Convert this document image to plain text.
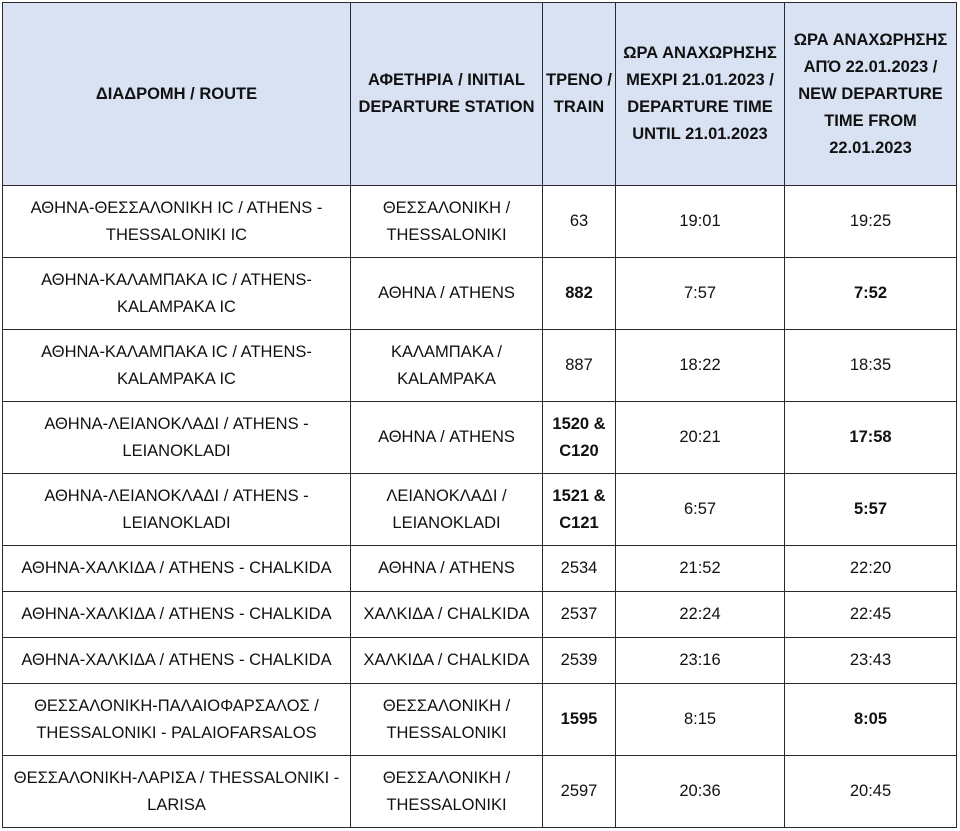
ΔΙΑΔΡΟΜΗ / ROUTE	ΑΦΕΤΗΡΙΑ / INITIAL DEPARTURE STATION	ΤΡΕΝΟ / TRAIN	ΩΡΑ ΑΝΑΧΩΡΗΣΗΣ ΜΕΧΡΙ 21.01.2023 / DEPARTURE TIME UNTIL 21.01.2023	ΩΡΑ ΑΝΑΧΩΡΗΣΗΣ ΑΠΌ 22.01.2023 / NEW DEPARTURE TIME FROM 22.01.2023
ΑΘΗΝΑ-ΘΕΣΣΑΛΟΝΙΚΗ IC / ATHENS - THESSALONIKI IC	ΘΕΣΣΑΛΟΝΙΚΗ / THESSALONIKI	63	19:01	19:25
ΑΘΗΝΑ-ΚΑΛΑΜΠΑΚΑ IC / ATHENS-KALAMPAKA IC	ΑΘΗΝΑ / ATHENS	882	7:57	7:52
ΑΘΗΝΑ-ΚΑΛΑΜΠΑΚΑ IC / ATHENS-KALAMPAKA IC	ΚΑΛΑΜΠΑΚΑ / KALAMPAKA	887	18:22	18:35
ΑΘΗΝΑ-ΛΕΙΑΝΟΚΛΑΔΙ / ATHENS - LEIANOKLADI	ΑΘΗΝΑ / ATHENS	1520 & C120	20:21	17:58
ΑΘΗΝΑ-ΛΕΙΑΝΟΚΛΑΔΙ / ATHENS - LEIANOKLADI	ΛΕΙΑΝΟΚΛΑΔΙ / LEIANOKLADI	1521 & C121	6:57	5:57
ΑΘΗΝΑ-ΧΑΛΚΙΔΑ / ATHENS - CHALKIDA	ΑΘΗΝΑ / ATHENS	2534	21:52	22:20
ΑΘΗΝΑ-ΧΑΛΚΙΔΑ / ATHENS - CHALKIDA	ΧΑΛΚΙΔΑ / CHALKIDA	2537	22:24	22:45
ΑΘΗΝΑ-ΧΑΛΚΙΔΑ / ATHENS - CHALKIDA	ΧΑΛΚΙΔΑ / CHALKIDA	2539	23:16	23:43
ΘΕΣΣΑΛΟΝΙΚΗ-ΠΑΛΑΙΟΦΑΡΣΑΛΟΣ / THESSALONIKI - PALAIOFARSALOS	ΘΕΣΣΑΛΟΝΙΚΗ / THESSALONIKI	1595	8:15	8:05
ΘΕΣΣΑΛΟΝΙΚΗ-ΛΑΡΙΣΑ / THESSALONIKI - LARISA	ΘΕΣΣΑΛΟΝΙΚΗ / THESSALONIKI	2597	20:36	20:45
